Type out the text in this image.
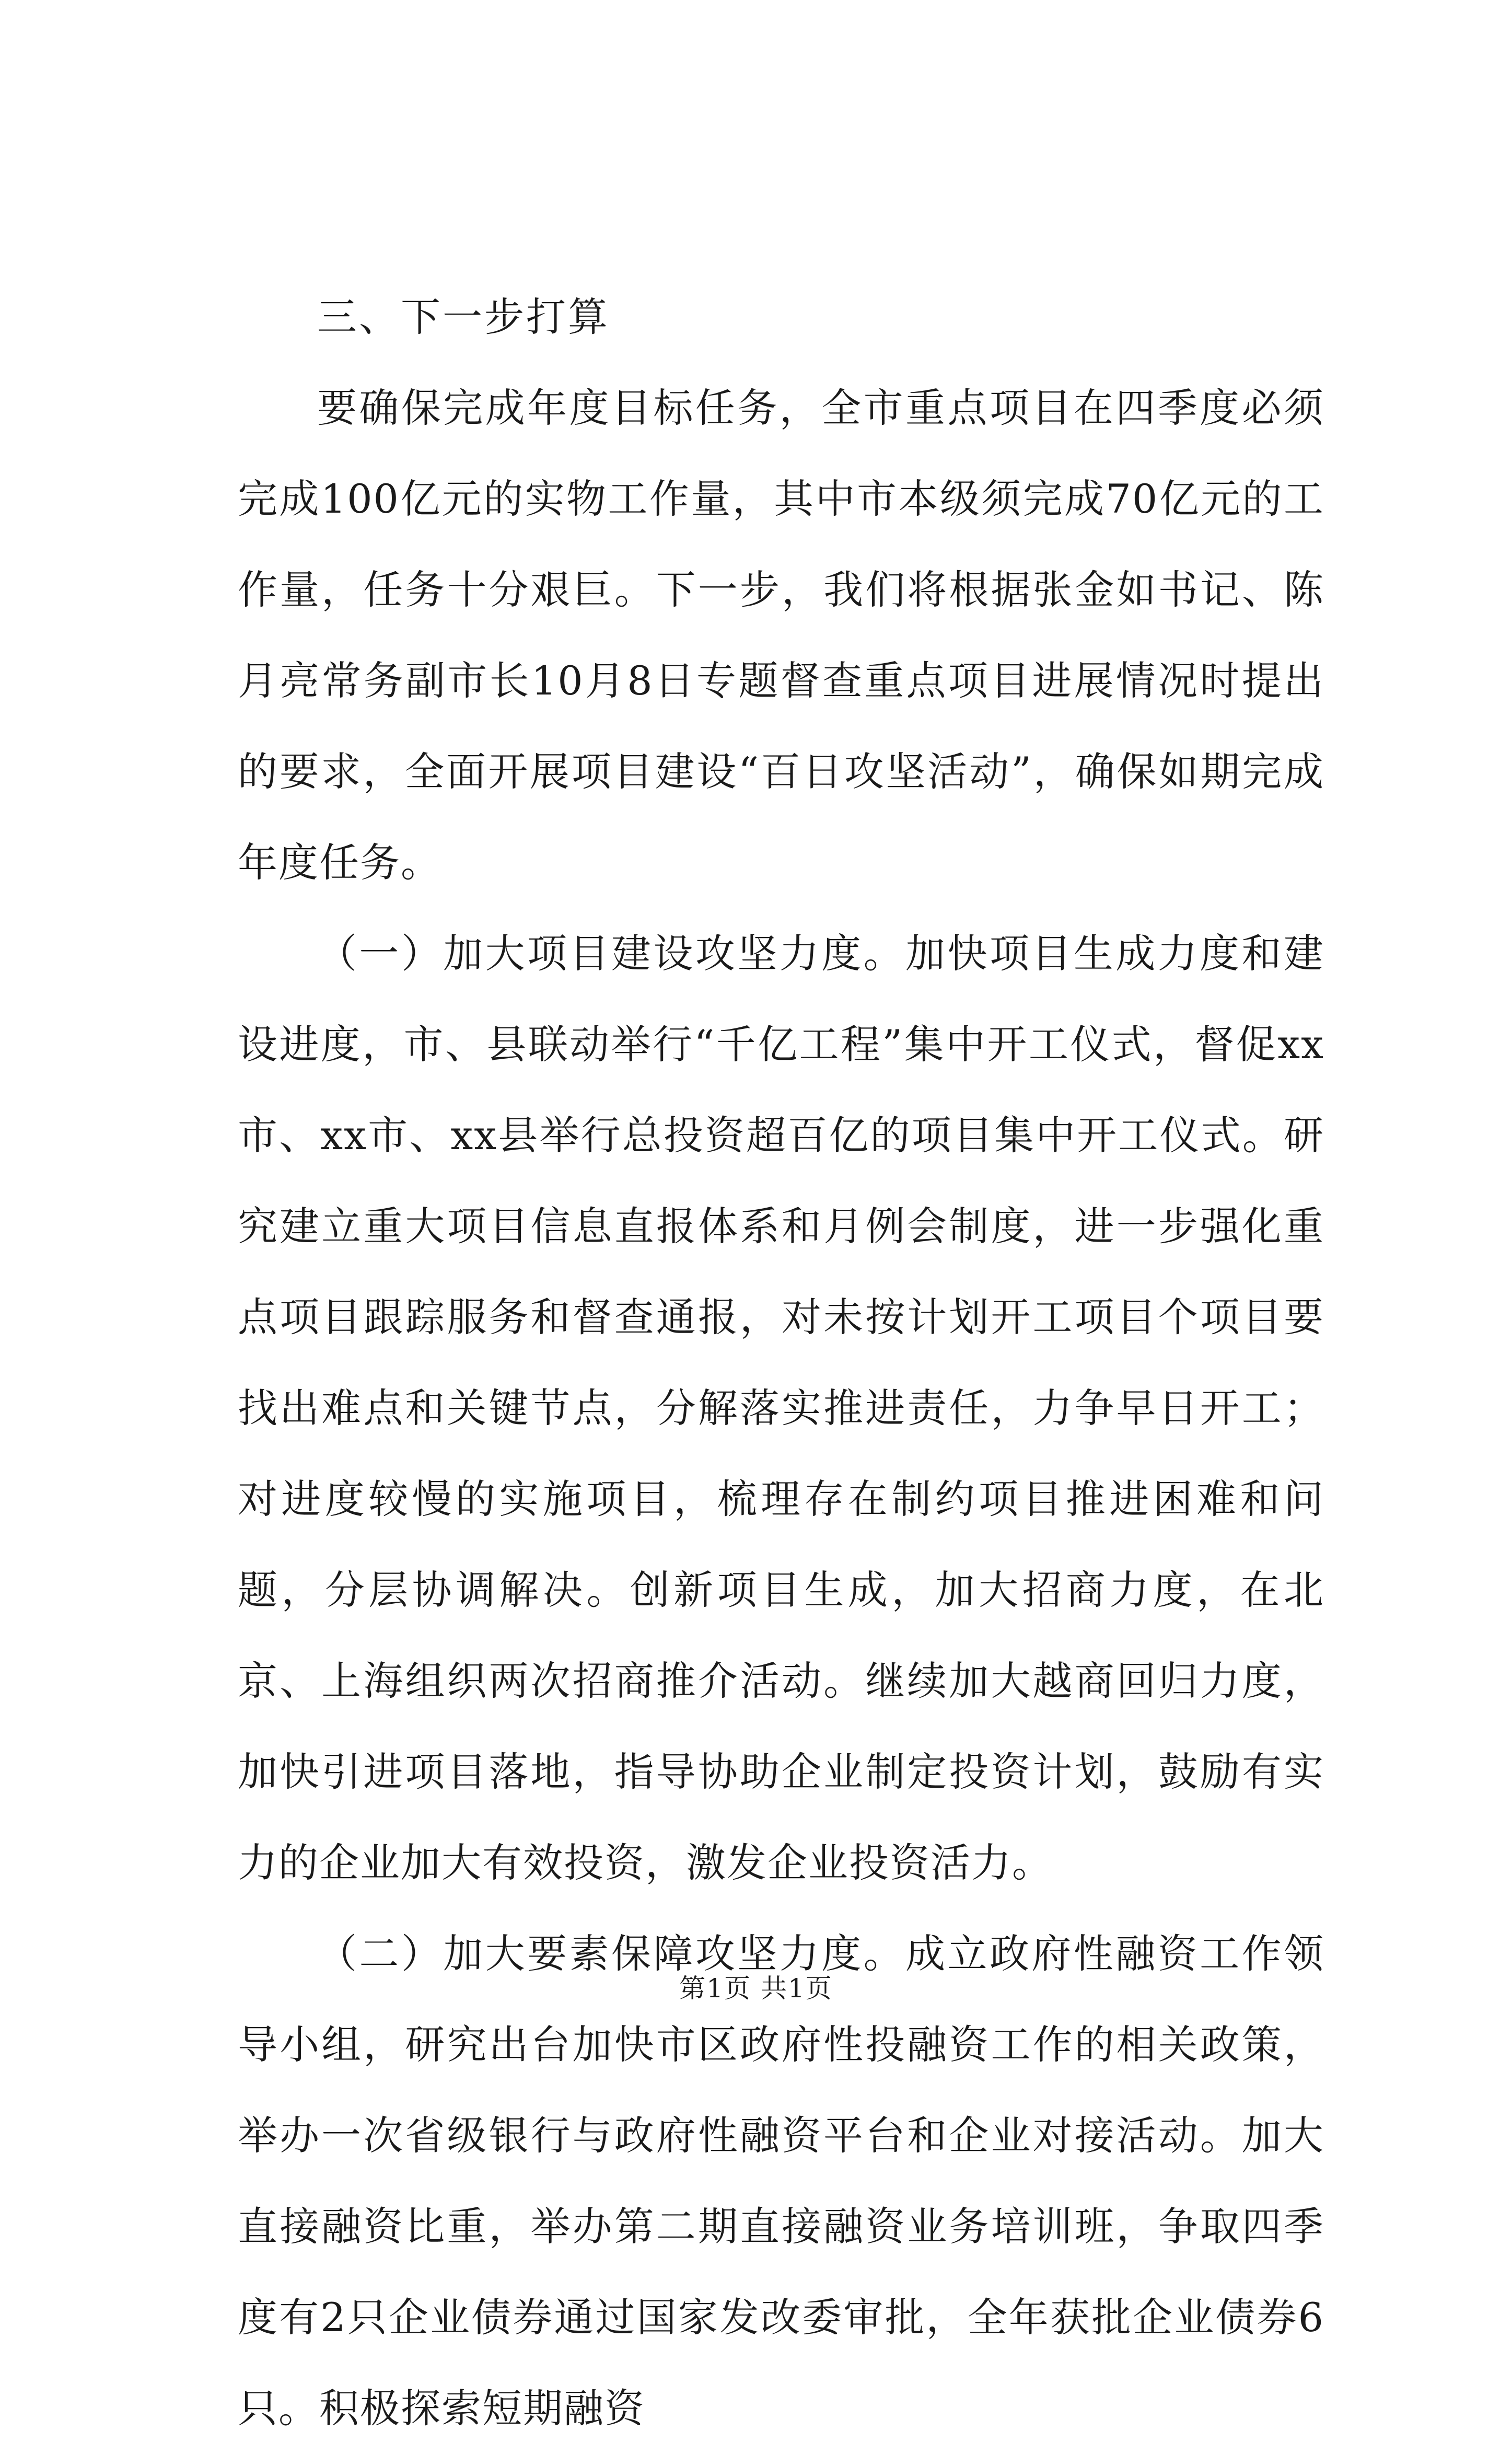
三、下一步打算

要确保完成年度目标任务，全市重点项目在四季度必须完成100亿元的实物工作量，其中市本级须完成70亿元的工作量，任务十分艰巨。下一步，我们将根据张金如书记、陈月亮常务副市长10月8日专题督查重点项目进展情况时提出的要求，全面开展项目建设“百日攻坚活动”，确保如期完成年度任务。

（一）加大项目建设攻坚力度。加快项目生成力度和建设进度，市、县联动举行“千亿工程”集中开工仪式，督促xx市、xx市、xx县举行总投资超百亿的项目集中开工仪式。研究建立重大项目信息直报体系和月例会制度，进一步强化重点项目跟踪服务和督查通报，对未按计划开工项目个项目要找出难点和关键节点，分解落实推进责任，力争早日开工；对进度较慢的实施项目，梳理存在制约项目推进困难和问题，分层协调解决。创新项目生成，加大招商力度，在北京、上海组织两次招商推介活动。继续加大越商回归力度，加快引进项目落地，指导协助企业制定投资计划，鼓励有实力的企业加大有效投资，激发企业投资活力。

（二）加大要素保障攻坚力度。成立政府性融资工作领导小组，研究出台加快市区政府性投融资工作的相关政策，举办一次省级银行与政府性融资平台和企业对接活动。加大直接融资比重，举办第二期直接融资业务培训班，争取四季度有2只企业债券通过国家发改委审批，全年获批企业债券6只。积极探索短期融资

第1页 共1页
